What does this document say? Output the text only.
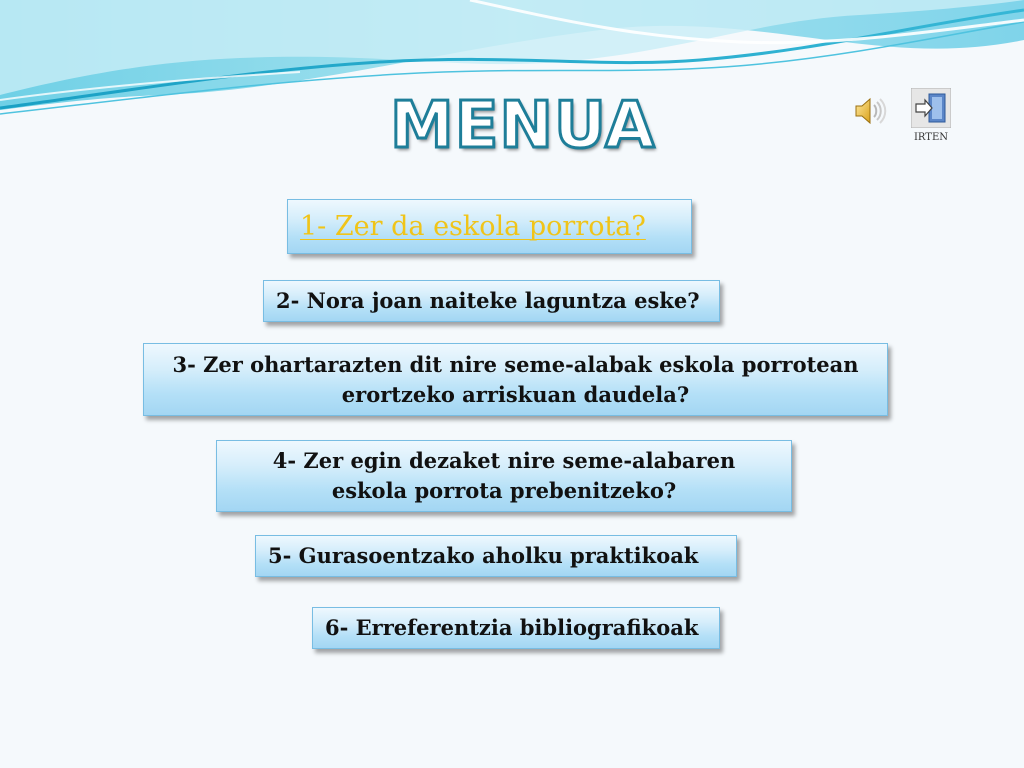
MENUA	IRTEN
1- Zer da eskola porrota?
2- Nora joan naiteke laguntza eske?
3- Zer ohartarazten dit nire seme-alabak eskola porrotean erortzeko arriskuan daudela?
4- Zer egin dezaket nire seme-alabaren eskola porrota prebenitzeko?
5- Gurasoentzako aholku praktikoak
6- Erreferentzia bibliografikoak
